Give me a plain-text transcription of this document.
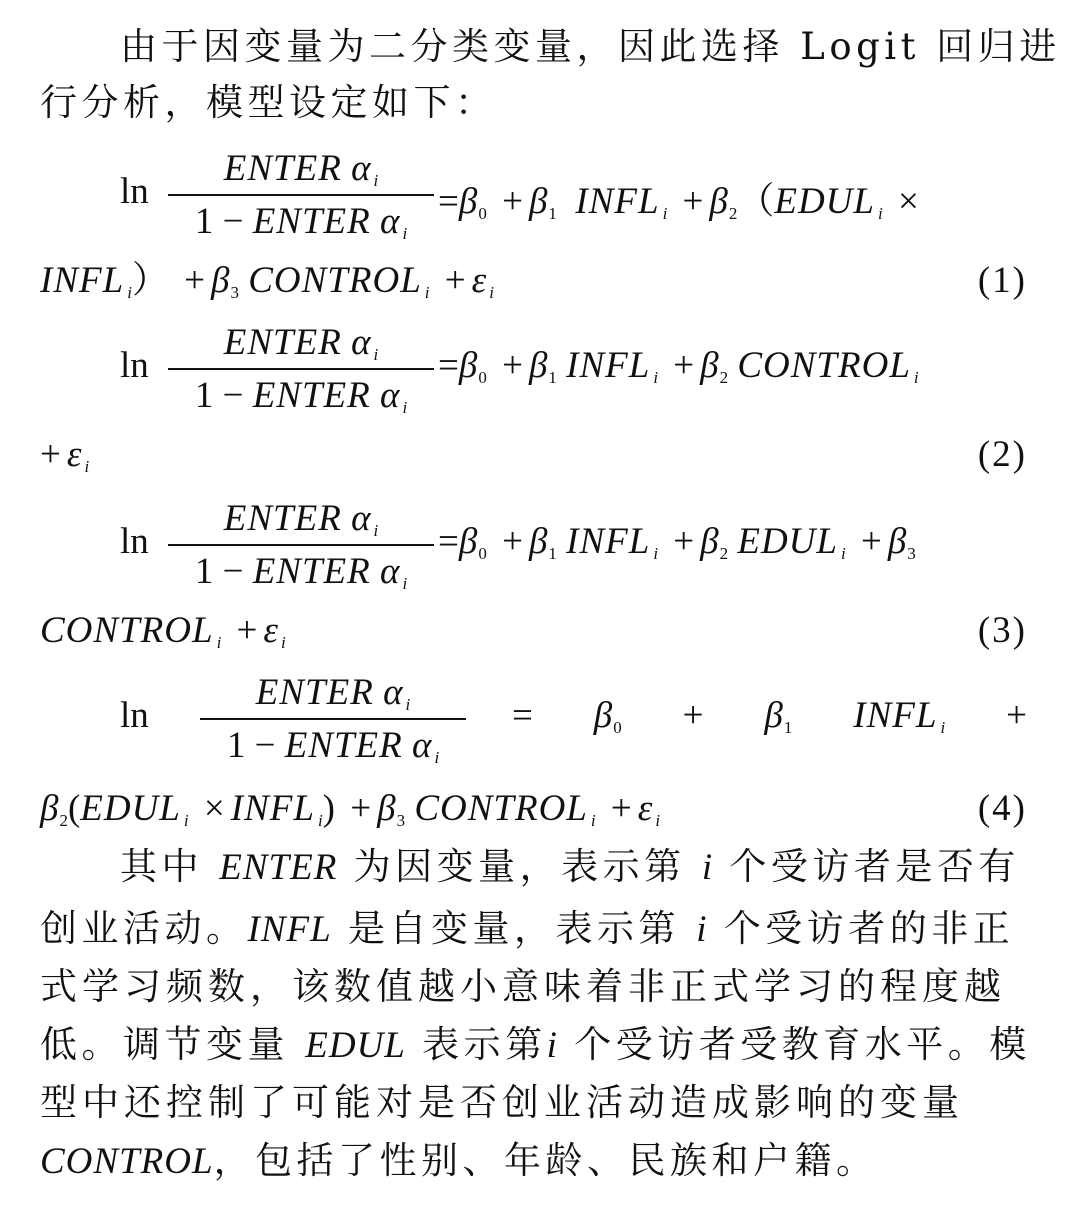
由于因变量为二分类变量，因此选择 Logit 回归进
行分析，模型设定如下：
ln
ENTER α $_i$
1 − ENTER α $_i$
=β0 + β1 INFL $_i$ + β2（EDUL $_i$ ×
INFL $_i$） + β3 CONTROL $_i$ + ε $_i$	(1)
ln
ENTER α $_i$
1 − ENTER α $_i$
=β0 + β1 INFL $_i$ + β2 CONTROL $_i$
+ ε $_i$	(2)
ln
ENTER α $_i$
1 − ENTER α $_i$
=β0 + β1 INFL $_i$ + β2 EDUL $_i$ + β3
CONTROL $_i$ + ε $_i$	(3)
ln
ENTER α $_i$
1 − ENTER α $_i$
= β0 + β1 INFL $_i$ +
β2(EDUL $_i$ × INFL $_i$) + β3 CONTROL $_i$ + ε $_i$	(4)
其中 ENTER 为因变量，表示第 i 个受访者是否有
创业活动。INFL 是自变量，表示第 i 个受访者的非正
式学习频数，该数值越小意味着非正式学习的程度越
低。调节变量 EDUL 表示第i 个受访者受教育水平。模
型中还控制了可能对是否创业活动造成影响的变量
CONTROL，包括了性别、年龄、民族和户籍。
